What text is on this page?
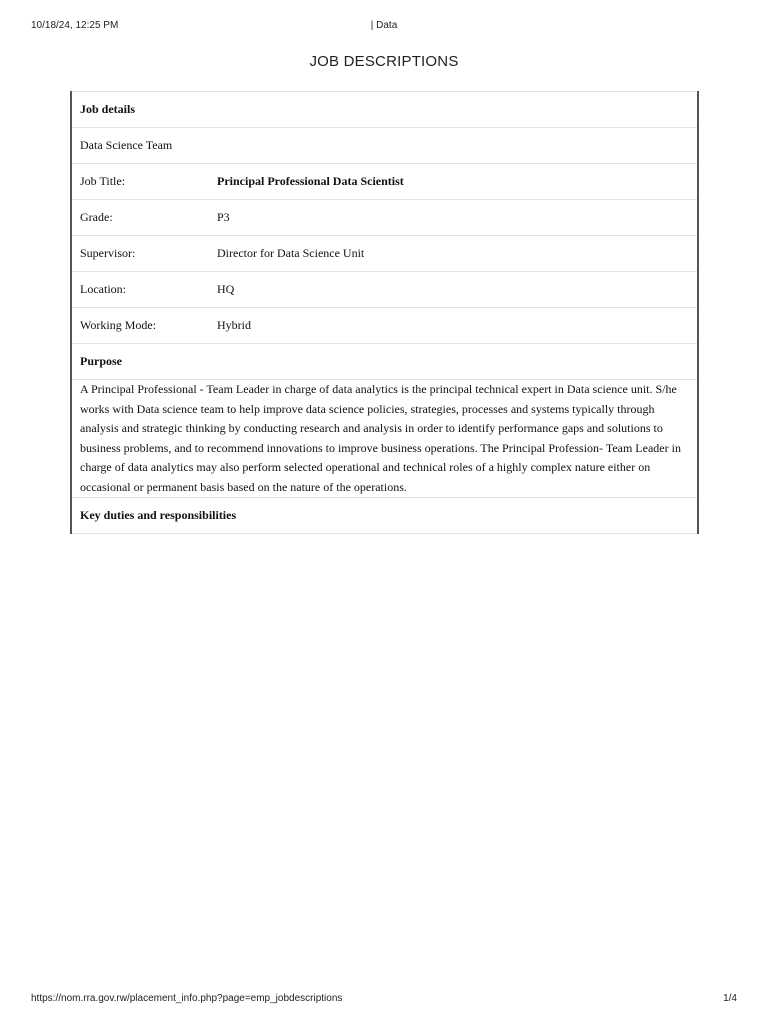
10/18/24, 12:25 PM	| Data
JOB DESCRIPTIONS
Job details	
Data Science Team	
Job Title:	Principal Professional Data Scientist
Grade:	P3
Supervisor:	Director for Data Science Unit
Location:	HQ
Working Mode:	Hybrid
Purpose	
A Principal Professional - Team Leader in charge of data analytics is the principal technical expert in Data science unit. S/he works with Data science team to help improve data science policies, strategies, processes and systems typically through analysis and strategic thinking by conducting research and analysis in order to identify performance gaps and solutions to business problems, and to recommend innovations to improve business operations. The Principal Profession- Team Leader in charge of data analytics may also perform selected operational and technical roles of a highly complex nature either on occasional or permanent basis based on the nature of the operations.	
Key duties and responsibilities	
https://nom.rra.gov.rw/placement_info.php?page=emp_jobdescriptions	1/4
